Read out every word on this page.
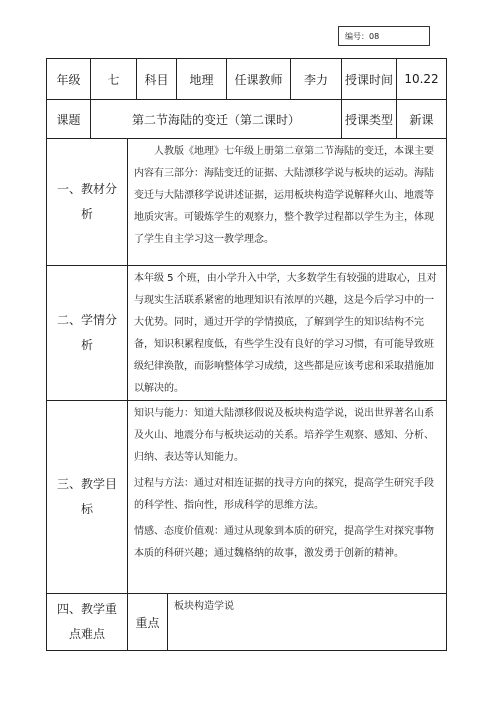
编号：08
年级	七	科目	地理	任课教师	李力	授课时间 10.22
课题	第二节海陆的变迁（第二课时）	授课类型	新课
一、教材分析

人教版《地理》七年级上册第二章第二节海陆的变迁，本课主要内容有三部分：海陆变迁的证据、大陆漂移学说与板块的运动。海陆变迁与大陆漂移学说讲述证据，运用板块构造学说解释火山、地震等地质灾害。可锻炼学生的观察力，整个教学过程都以学生为主，体现了学生自主学习这一教学理念。

二、学情分析

本年级 5 个班，由小学升入中学，大多数学生有较强的进取心，且对与现实生活联系紧密的地理知识有浓厚的兴趣，这是今后学习中的一大优势。同时，通过开学的学情摸底，了解到学生的知识结构不完备，知识积累程度低，有些学生没有良好的学习习惯，有可能导致班级纪律涣散，而影响整体学习成绩，这些都是应该考虑和采取措施加以解决的。

三、教学目标

知识与能力：知道大陆漂移假说及板块构造学说，说出世界著名山系及火山、地震分布与板块运动的关系。培养学生观察、感知、分析、归纳、表达等认知能力。

过程与方法：通过对相连证据的找寻方向的探究，提高学生研究手段的科学性、指向性，形成科学的思维方法。

情感、态度价值观：通过从现象到本质的研究，提高学生对探究事物本质的科研兴趣；通过魏格纳的故事，激发勇于创新的精神。

四、教学重点难点
重点

板块构造学说
